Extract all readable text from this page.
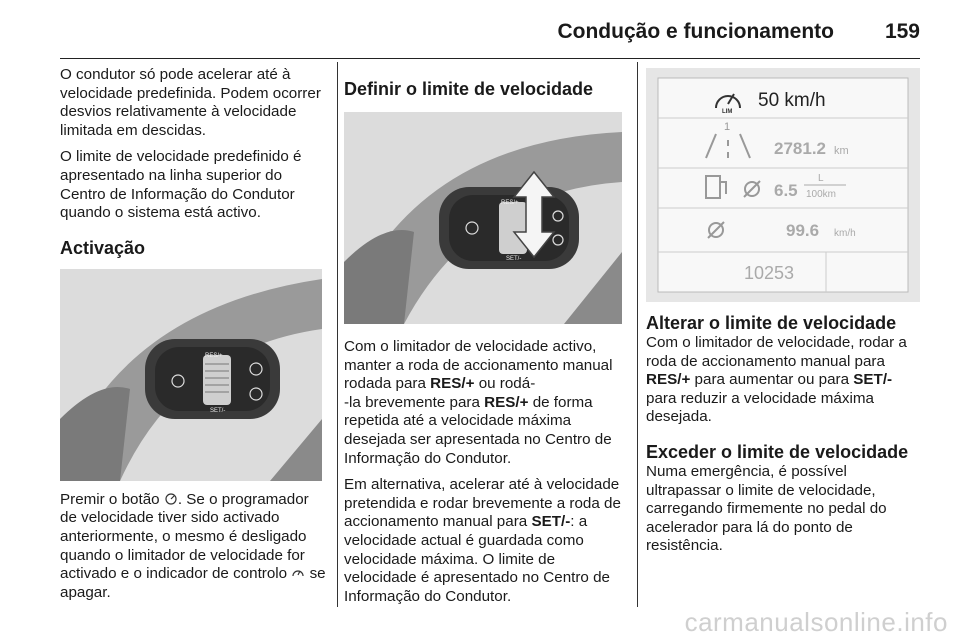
Condução e funcionamento 159

O condutor só pode acelerar até à velocidade predefinida. Podem ocorrer desvios relativamente à velocidade limitada em descidas.

O limite de velocidade predefinido é apresentado na linha superior do Centro de Informação do Condutor quando o sistema está activo.

Activação
RES/+
SET/-

Premir o botão . Se o programador de velocidade tiver sido activado anteriormente, o mesmo é desligado quando o limitador de velocidade for activado e o indicador de controlo  se apagar.

Definir o limite de velocidade
RES/+
SET/-

Com o limitador de velocidade activo, manter a roda de accionamento manual rodada para RES/+ ou rodá-
-la brevemente para RES/+ de forma repetida até a velocidade máxima desejada ser apresentada no Centro de Informação do Condutor.

Em alternativa, acelerar até à velocidade pretendida e rodar brevemente a roda de accionamento manual para SET/-: a velocidade actual é guardada como velocidade máxima. O limite de velocidade é apresentado no Centro de Informação do Condutor.

LIM
50 km/h
1
2781.2 km
6.5
L
100km
99.6 km/h
10253
Alterar o limite de velocidade

Com o limitador de velocidade, rodar a roda de accionamento manual para RES/+ para aumentar ou para SET/- para reduzir a velocidade máxima desejada.

Exceder o limite de velocidade

Numa emergência, é possível ultrapassar o limite de velocidade, carregando firmemente no pedal do acelerador para lá do ponto de resistência.

carmanualsonline.info
